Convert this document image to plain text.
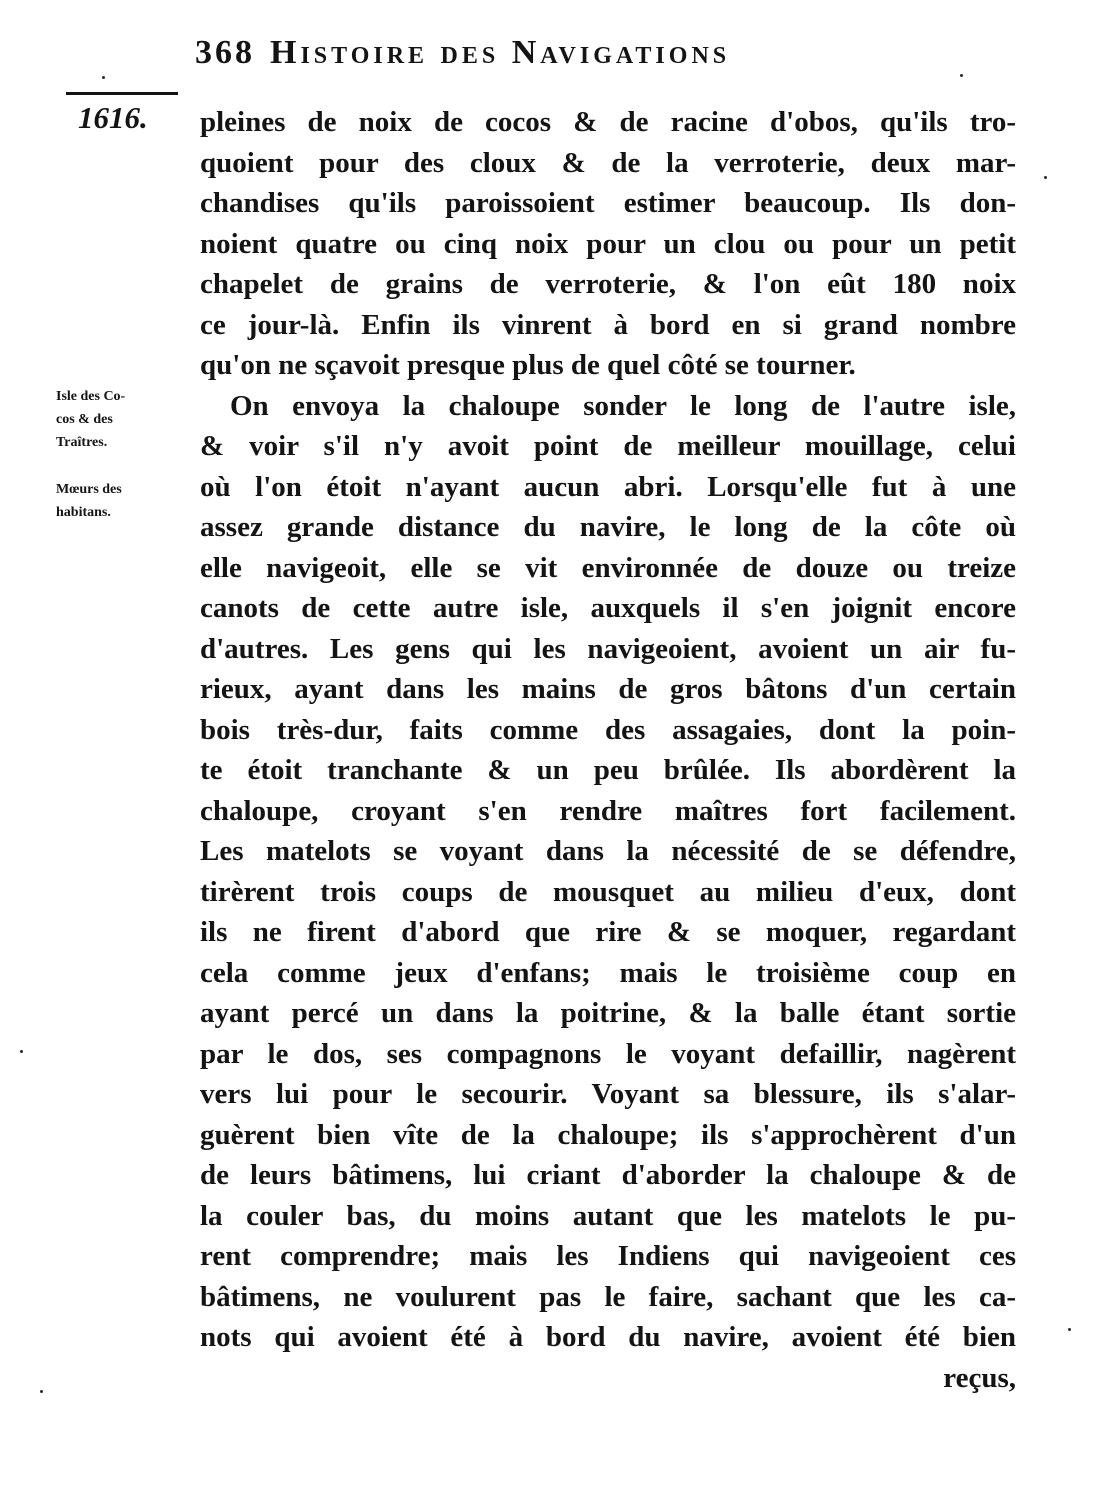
368 Histoire des Navigations
1616.
Isle des Co-
cos & des
Traîtres.
Mœurs des
habitans.
pleines de noix de cocos & de racine d'obos, qu'ils tro-
quoient pour des cloux & de la verroterie, deux mar-
chandises qu'ils paroissoient estimer beaucoup. Ils don-
noient quatre ou cinq noix pour un clou ou pour un petit
chapelet de grains de verroterie, & l'on eût 180 noix
ce jour-là. Enfin ils vinrent à bord en si grand nombre
qu'on ne sçavoit presque plus de quel côté se tourner.
On envoya la chaloupe sonder le long de l'autre isle,
& voir s'il n'y avoit point de meilleur mouillage, celui
où l'on étoit n'ayant aucun abri. Lorsqu'elle fut à une
assez grande distance du navire, le long de la côte où
elle navigeoit, elle se vit environnée de douze ou treize
canots de cette autre isle, auxquels il s'en joignit encore
d'autres. Les gens qui les navigeoient, avoient un air fu-
rieux, ayant dans les mains de gros bâtons d'un certain
bois très-dur, faits comme des assagaies, dont la poin-
te étoit tranchante & un peu brûlée. Ils abordèrent la
chaloupe, croyant s'en rendre maîtres fort facilement.
Les matelots se voyant dans la nécessité de se défendre,
tirèrent trois coups de mousquet au milieu d'eux, dont
ils ne firent d'abord que rire & se moquer, regardant
cela comme jeux d'enfans; mais le troisième coup en
ayant percé un dans la poitrine, & la balle étant sortie
par le dos, ses compagnons le voyant defaillir, nagèrent
vers lui pour le secourir. Voyant sa blessure, ils s'alar-
guèrent bien vîte de la chaloupe; ils s'approchèrent d'un
de leurs bâtimens, lui criant d'aborder la chaloupe & de
la couler bas, du moins autant que les matelots le pu-
rent comprendre; mais les Indiens qui navigeoient ces
bâtimens, ne voulurent pas le faire, sachant que les ca-
nots qui avoient été à bord du navire, avoient été bien
reçus,
